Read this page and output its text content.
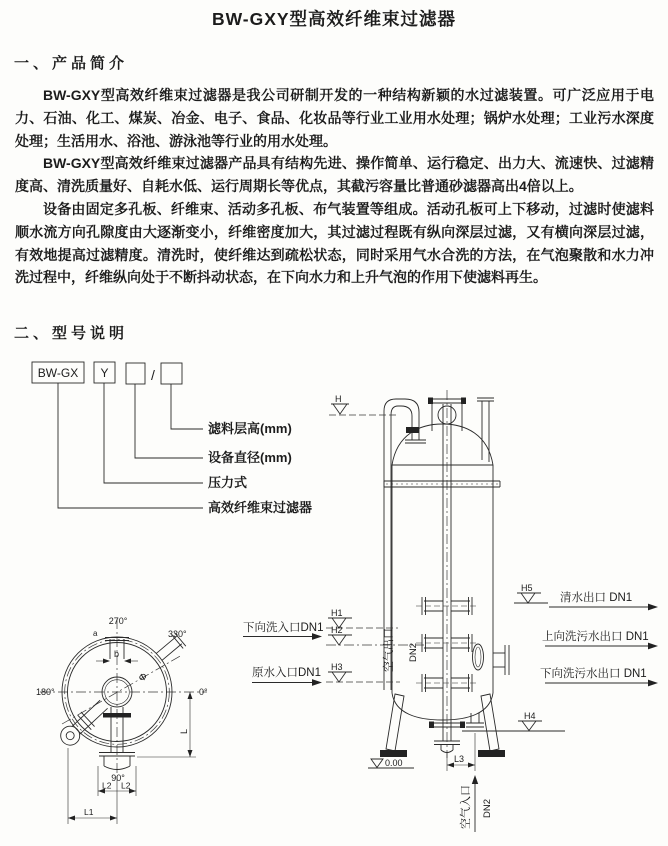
BW-GXY型高效纤维束过滤器
一、产品简介

BW-GXY型高效纤维束过滤器是我公司研制开发的一种结构新颖的水过滤装置。可广泛应用于电力、石油、化工、煤炭、冶金、电子、食品、化妆品等行业工业用水处理；锅炉水处理；工业污水深度处理；生活用水、浴池、游泳池等行业的用水处理。

BW-GXY型高效纤维束过滤器产品具有结构先进、操作简单、运行稳定、出力大、流速快、过滤精度高、清洗质量好、自耗水低、运行周期长等优点，其截污容量比普通砂滤器高出4倍以上。

设备由固定多孔板、纤维束、活动多孔板、布气装置等组成。活动孔板可上下移动，过滤时使滤料顺水流方向孔隙度由大逐渐变小，纤维密度加大，其过滤过程既有纵向深层过滤，又有横向深层过滤，有效地提高过滤精度。清洗时，使纤维达到疏松状态，同时采用气水合洗的方法，在气泡聚散和水力冲洗过程中，纤维纵向处于不断抖动状态，在下向水力和上升气泡的作用下使滤料再生。

二、型号说明
BW-GX Y	/
滤料层高(mm)
设备直径(mm)
压力式
高效纤维束过滤器
270°
330°
180°	0°
90°
a
b
Φ
L
L2 L2
L1
H
H1
H2
H3
H5
H4
0.00	L3
空气入口 DN2
空气出口 DN2
下向洗入口DN1
原水入口DN1
清水出口 DN1
上向洗污水出口 DN1
下向洗污水出口 DN1
